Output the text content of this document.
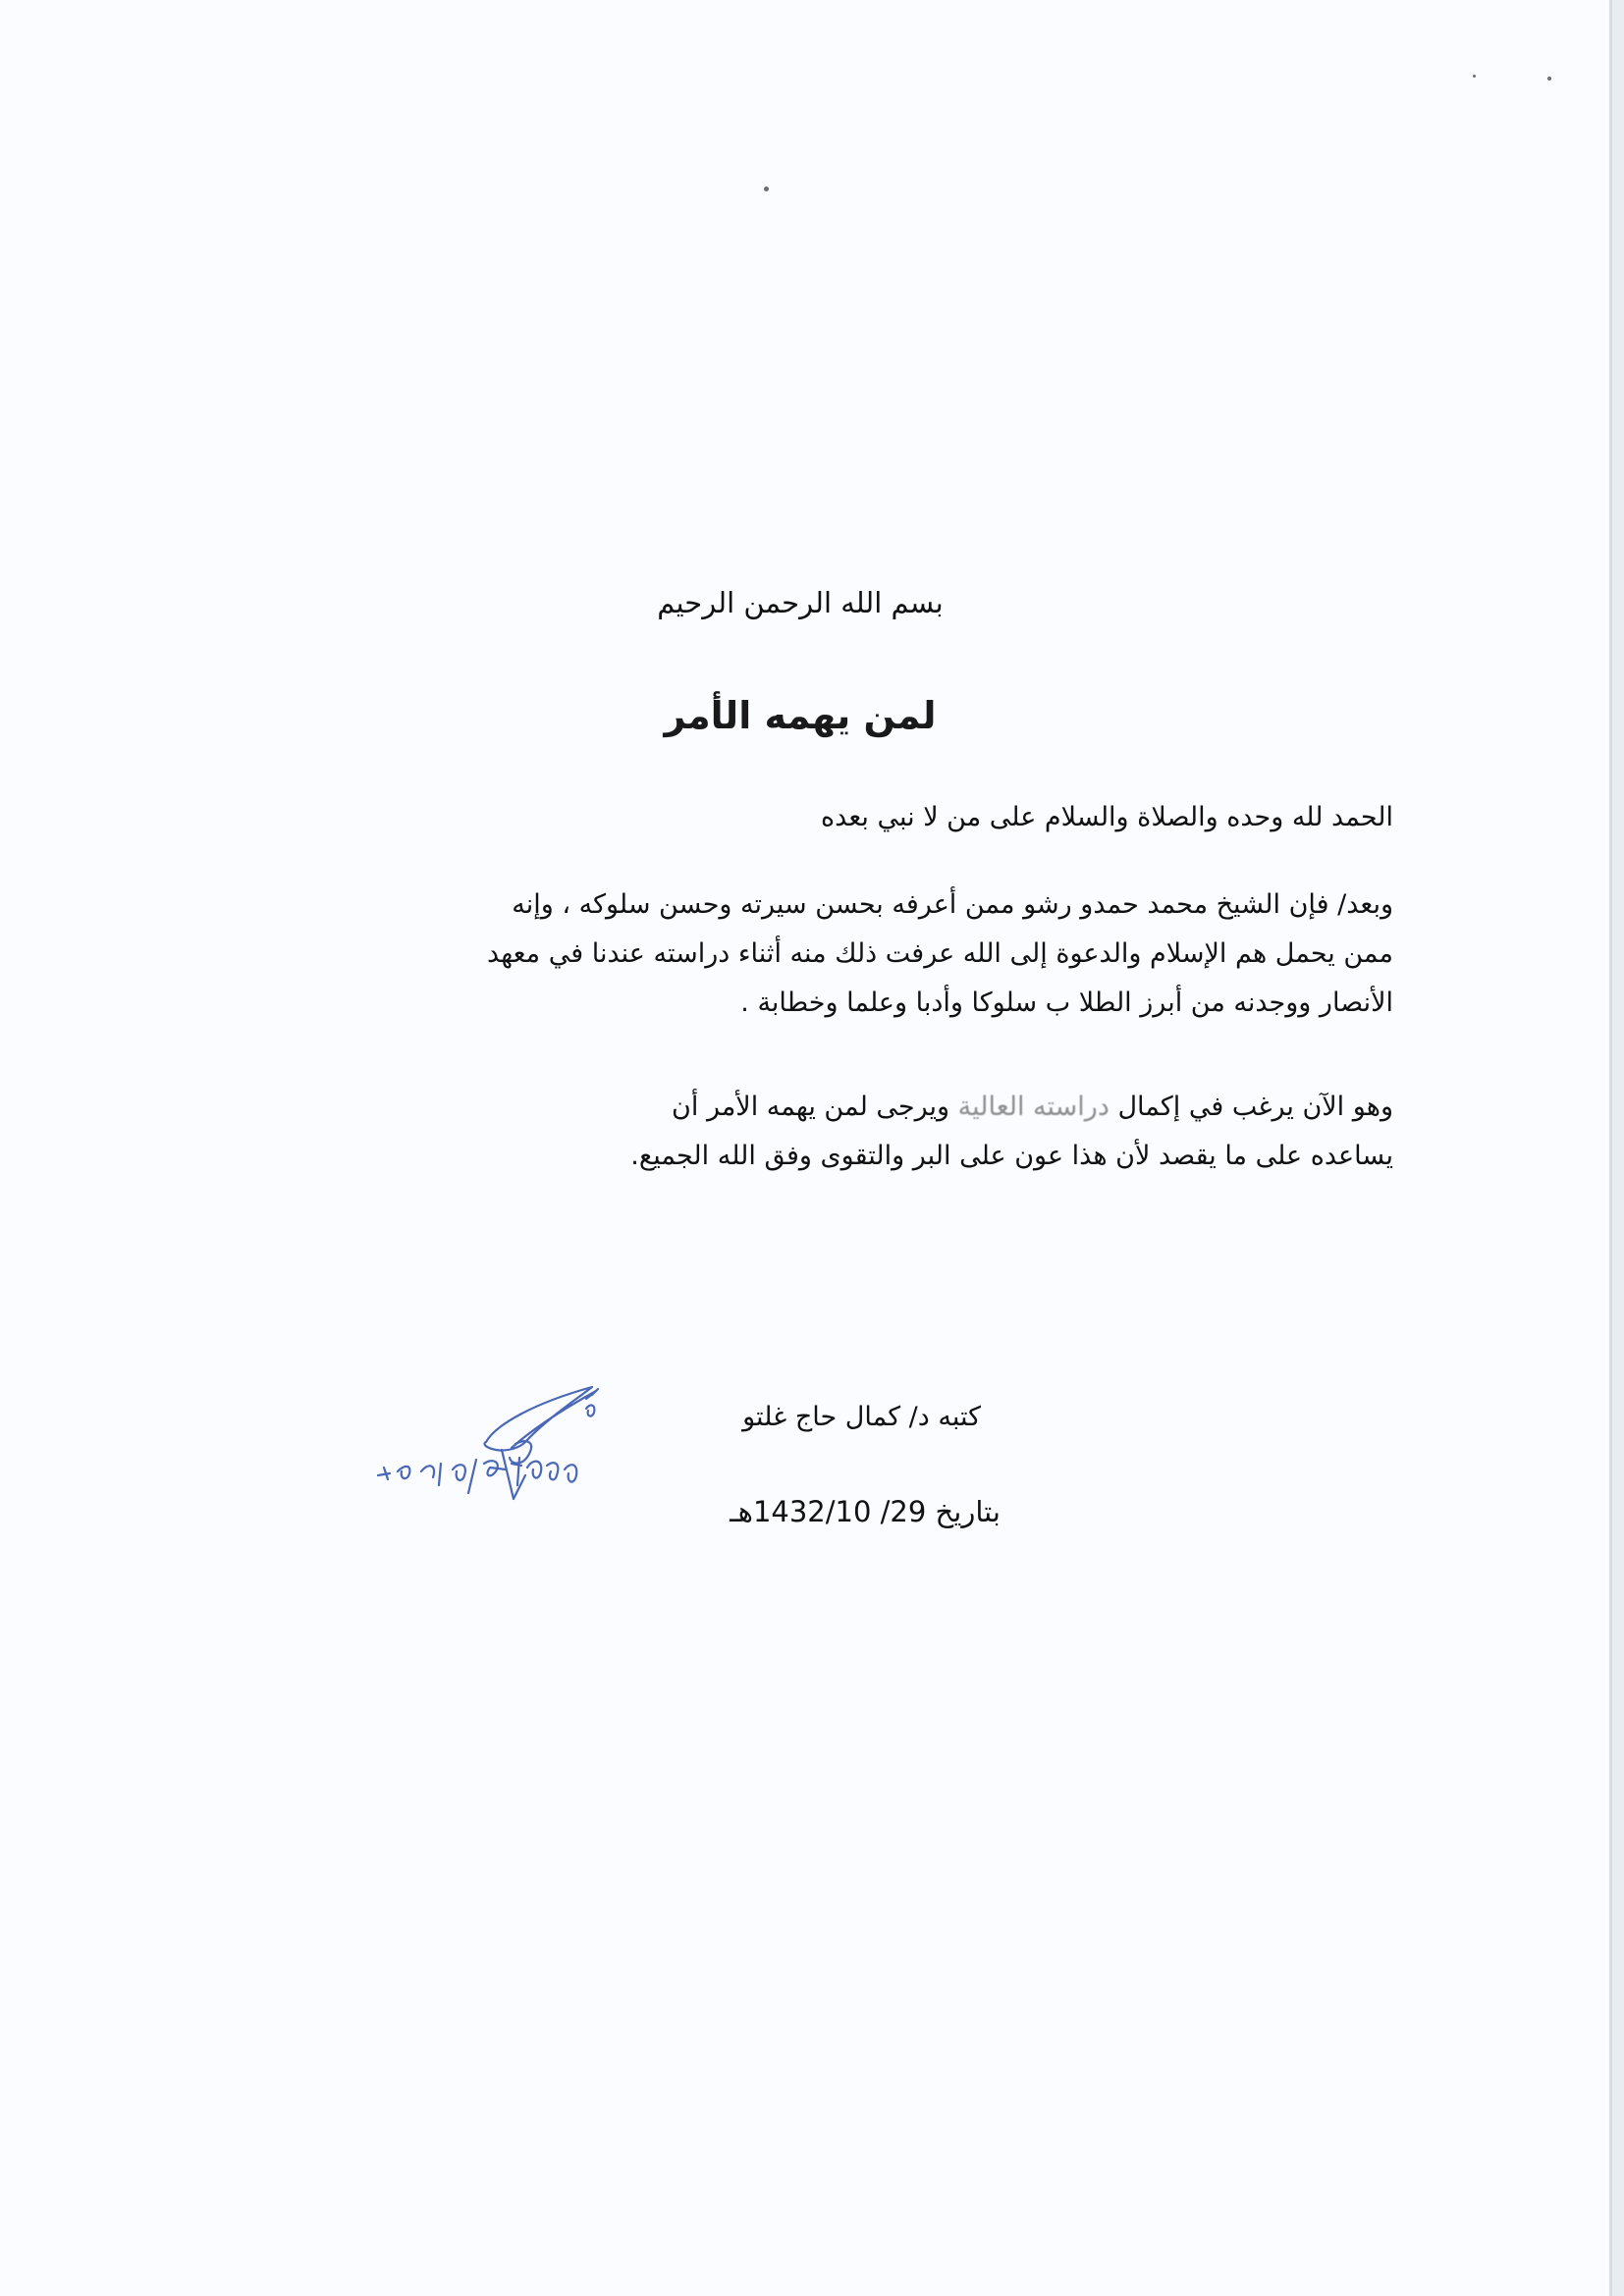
بسم الله الرحمن الرحيم
لمن يهمه الأمر

الحمد لله وحده والصلاة والسلام على من لا نبي بعده

وبعد/ فإن الشيخ محمد حمدو رشو ممن أعرفه بحسن سيرته وحسن سلوكه ، وإنه

ممن يحمل هم الإسلام والدعوة إلى الله عرفت ذلك منه أثناء دراسته عندنا في معهد

الأنصار ووجدنه من أبرز الطلا ب سلوكا وأدبا وعلما وخطابة .

وهو الآن يرغب في إكمال دراسته العالية ويرجى لمن يهمه الأمر أن

يساعده على ما يقصد لأن هذا عون على البر والتقوى وفق الله الجميع.

كتبه د/ كمال حاج غلتو
بتاريخ 29/ 1432/10هـ
